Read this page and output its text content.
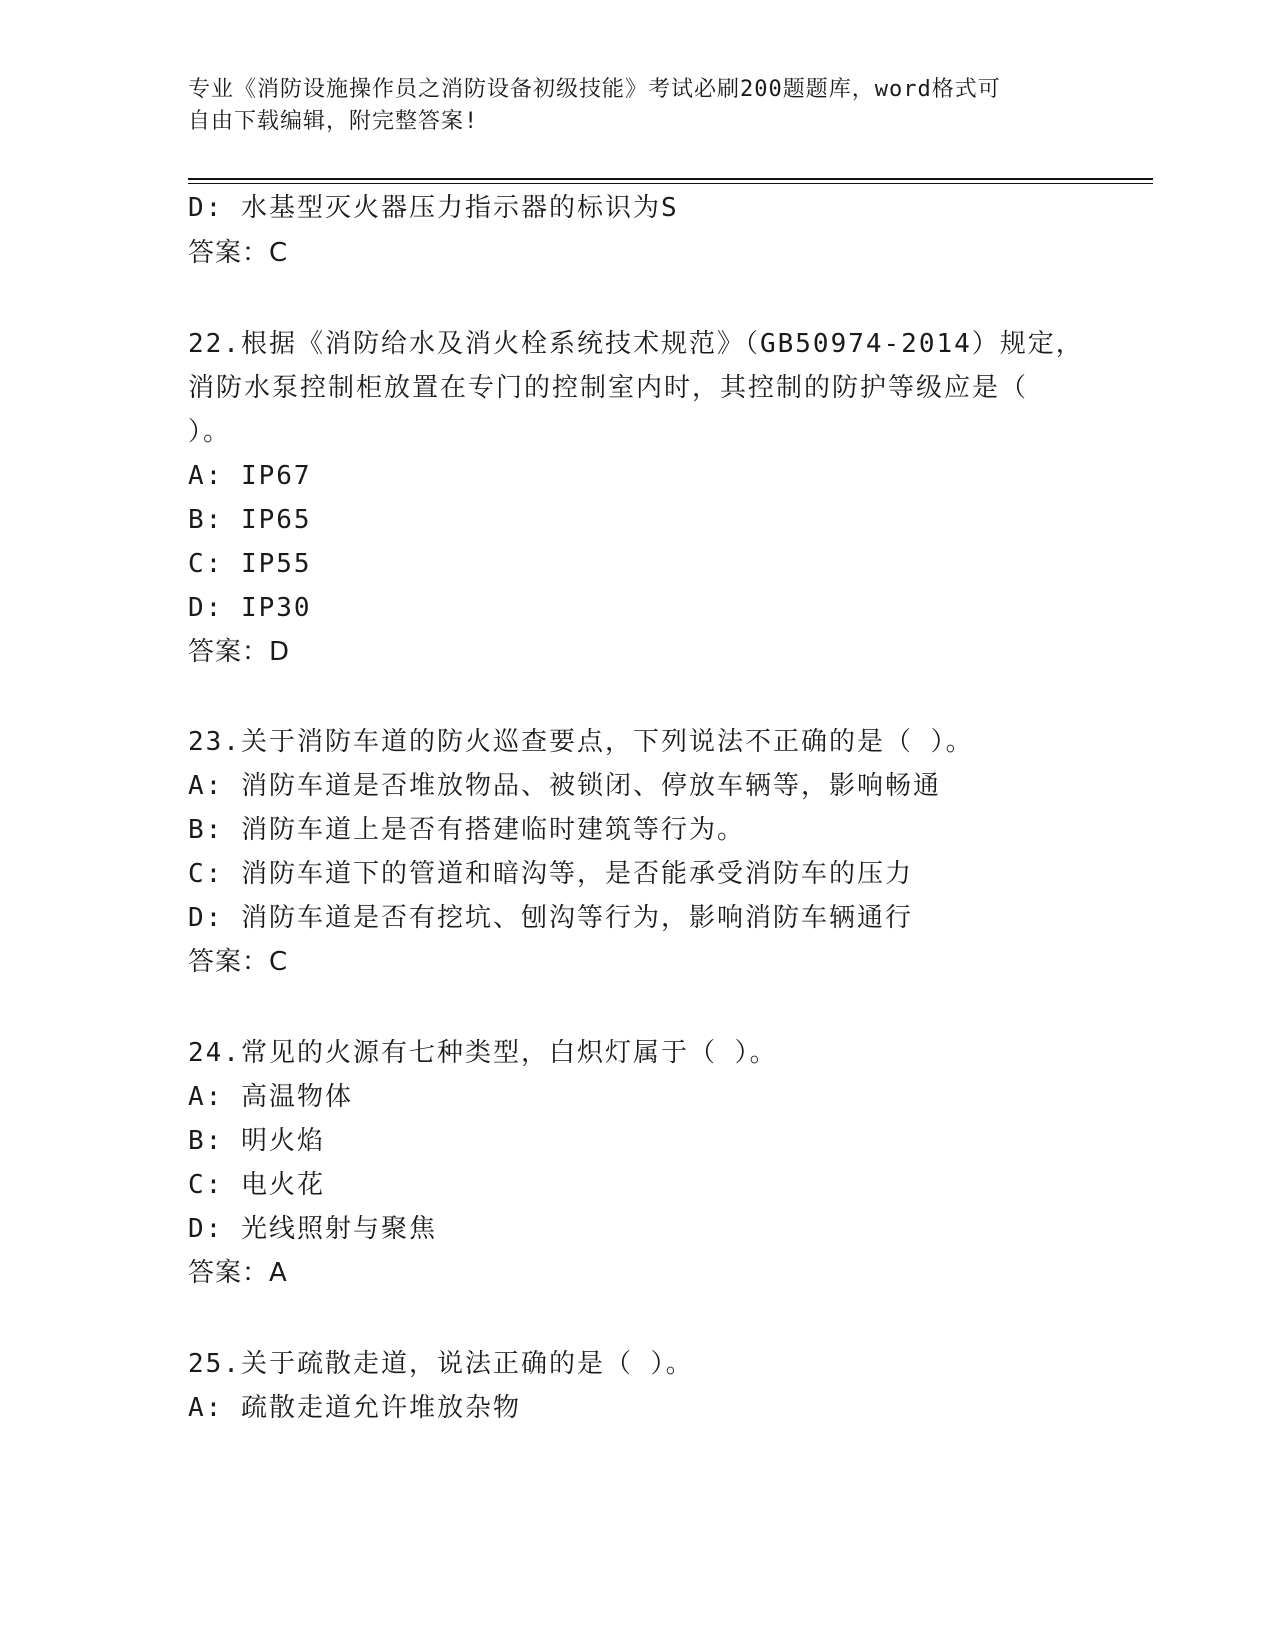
专业《消防设施操作员之消防设备初级技能》考试必刷200题题库，word格式可
自由下载编辑，附完整答案!
D: 水基型灭火器压力指示器的标识为S
答案：C
22.根据《消防给水及消火栓系统技术规范》（GB50974-2014）规定，
消防水泵控制柜放置在专门的控制室内时，其控制的防护等级应是（
）。
A: IP67
B: IP65
C: IP55
D: IP30
答案：D
23.关于消防车道的防火巡查要点，下列说法不正确的是（ ）。
A: 消防车道是否堆放物品、被锁闭、停放车辆等，影响畅通
B: 消防车道上是否有搭建临时建筑等行为。
C: 消防车道下的管道和暗沟等，是否能承受消防车的压力
D: 消防车道是否有挖坑、刨沟等行为，影响消防车辆通行
答案：C
24.常见的火源有七种类型，白炽灯属于（ ）。
A: 高温物体
B: 明火焰
C: 电火花
D: 光线照射与聚焦
答案：A
25.关于疏散走道，说法正确的是（ ）。
A: 疏散走道允许堆放杂物
